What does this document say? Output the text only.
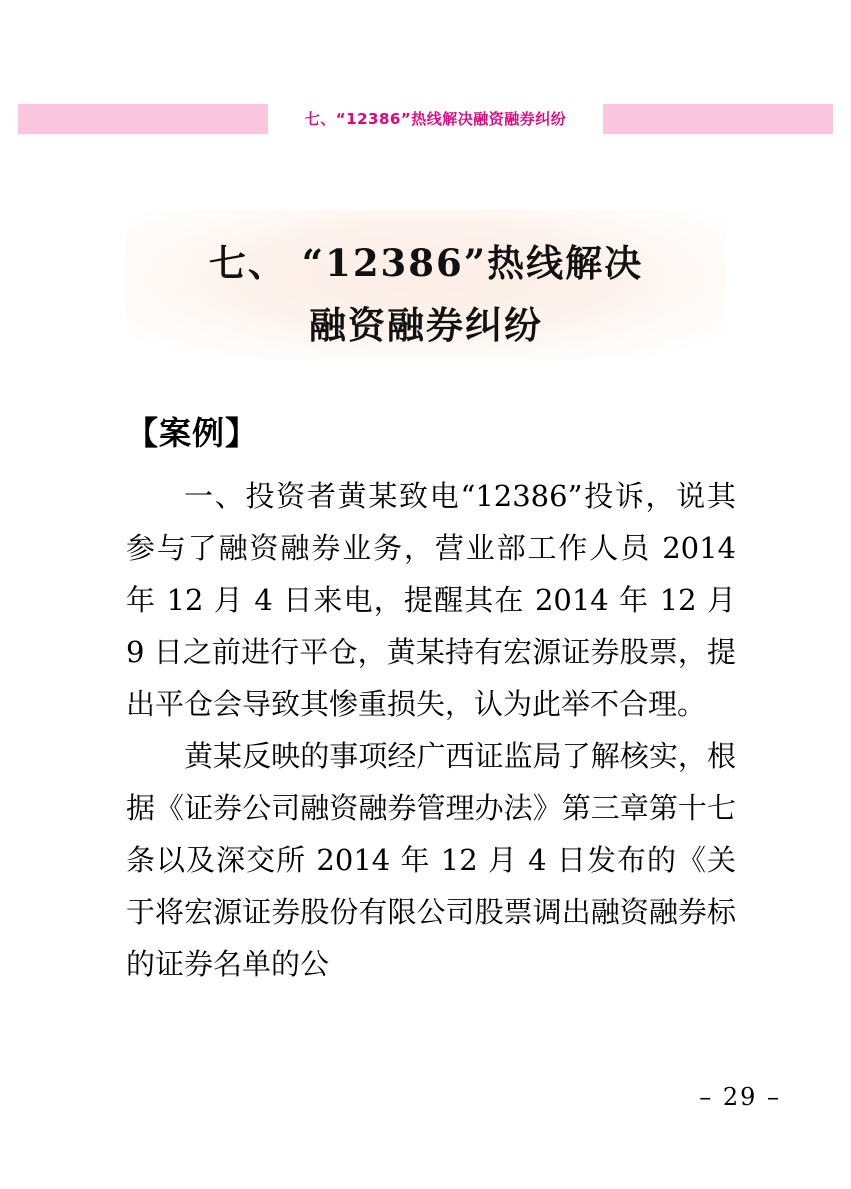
七、“12386”热线解决融资融券纠纷
七、 “12386”热线解决
融资融券纠纷
【案例】

一、投资者黄某致电“12386”投诉，说其参与了融资融券业务，营业部工作人员 2014 年 12 月 4 日来电，提醒其在 2014 年 12 月 9 日之前进行平仓，黄某持有宏源证券股票，提出平仓会导致其惨重损失，认为此举不合理。

黄某反映的事项经广西证监局了解核实，根据《证券公司融资融券管理办法》第三章第十七条以及深交所 2014 年 12 月 4 日发布的《关于将宏源证券股份有限公司股票调出融资融券标的证券名单的公

– 29 –
